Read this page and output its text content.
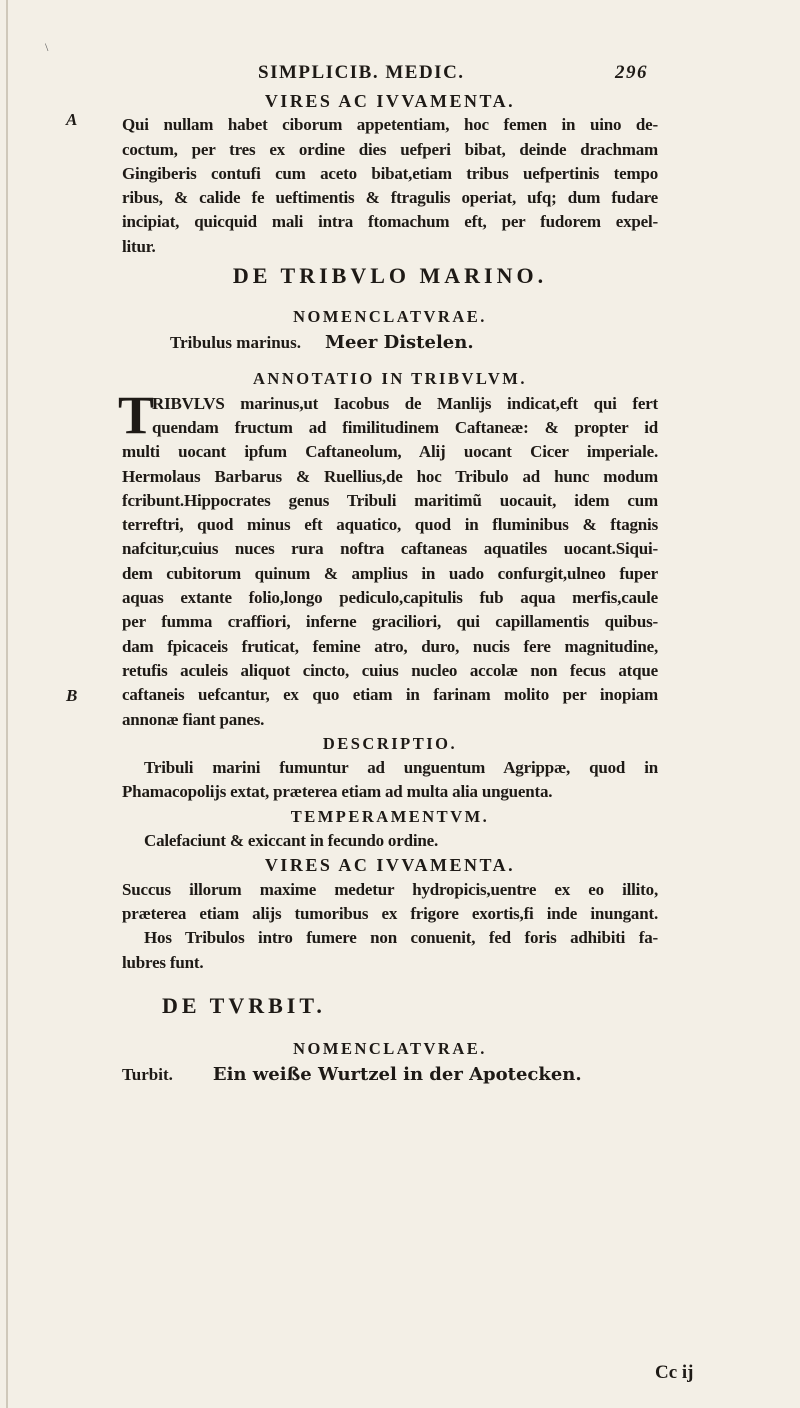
\
SIMPLICIB. MEDIC.	296
A
B
VIRES AC IVVAMENTA.
Qui nullam habet ciborum appetentiam, hoc femen in uino de-
coctum, per tres ex ordine dies uefperi bibat, deinde drachmam
Gingiberis contufi cum aceto bibat,etiam tribus uefpertinis tempo
ribus, & calide fe ueftimentis & ftragulis operiat, ufq; dum fudare
incipiat, quicquid mali intra ftomachum eft, per fudorem expel-
litur.
DE TRIBVLO MARINO.
NOMENCLATVRAE.
Tribulus marinus. Meer Distelen.
ANNOTATIO IN TRIBVLVM.
T
RIBVLVS marinus,ut Iacobus de Manlijs indicat,eft qui fert
quendam fructum ad fimilitudinem Caftaneæ: & propter id
multi uocant ipfum Caftaneolum, Alij uocant Cicer imperiale.
Hermolaus Barbarus & Ruellius,de hoc Tribulo ad hunc modum
fcribunt.Hippocrates genus Tribuli maritimũ uocauit, idem cum
terreftri, quod minus eft aquatico, quod in fluminibus & ftagnis
nafcitur,cuius nuces rura noftra caftaneas aquatiles uocant.Siqui-
dem cubitorum quinum & amplius in uado confurgit,ulneo fuper
aquas extante folio,longo pediculo,capitulis fub aqua merfis,caule
per fumma craffiori, inferne graciliori, qui capillamentis quibus-
dam fpicaceis fruticat, femine atro, duro, nucis fere magnitudine,
retufis aculeis aliquot cincto, cuius nucleo accolæ non fecus atque
caftaneis uefcantur, ex quo etiam in farinam molito per inopiam
annonæ fiant panes.
DESCRIPTIO.
Tribuli marini fumuntur ad unguentum Agrippæ, quod in
Phamacopolijs extat, præterea etiam ad multa alia unguenta.
TEMPERAMENTVM.
Calefaciunt & exiccant in fecundo ordine.
VIRES AC IVVAMENTA.
Succus illorum maxime medetur hydropicis,uentre ex eo illito,
præterea etiam alijs tumoribus ex frigore exortis,fi inde inungant.
Hos Tribulos intro fumere non conuenit, fed foris adhibiti fa-
lubres funt.
DE TVRBIT.
NOMENCLATVRAE.
Turbit. Ein weiße Wurtzel in der Apotecken.
Cc ij
